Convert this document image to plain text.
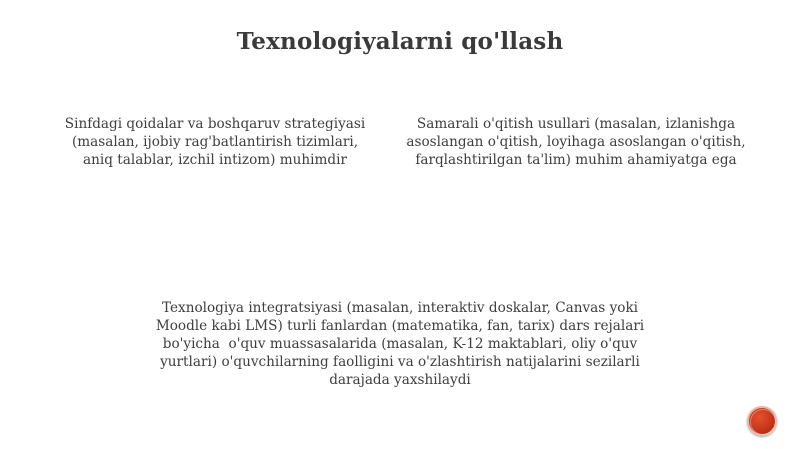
Texnologiyalarni qo'llash
Sinfdagi qoidalar va boshqaruv strategiyasi
(masalan, ijobiy rag'batlantirish tizimlari,
aniq talablar, izchil intizom) muhimdir
Samarali o'qitish usullari (masalan, izlanishga
asoslangan o'qitish, loyihaga asoslangan o'qitish,
farqlashtirilgan ta'lim) muhim ahamiyatga ega
Texnologiya integratsiyasi (masalan, interaktiv doskalar, Canvas yoki
Moodle kabi LMS) turli fanlardan (matematika, fan, tarix) dars rejalari
bo'yicha  o'quv muassasalarida (masalan, K-12 maktablari, oliy o'quv
yurtlari) o'quvchilarning faolligini va o'zlashtirish natijalarini sezilarli
darajada yaxshilaydi
